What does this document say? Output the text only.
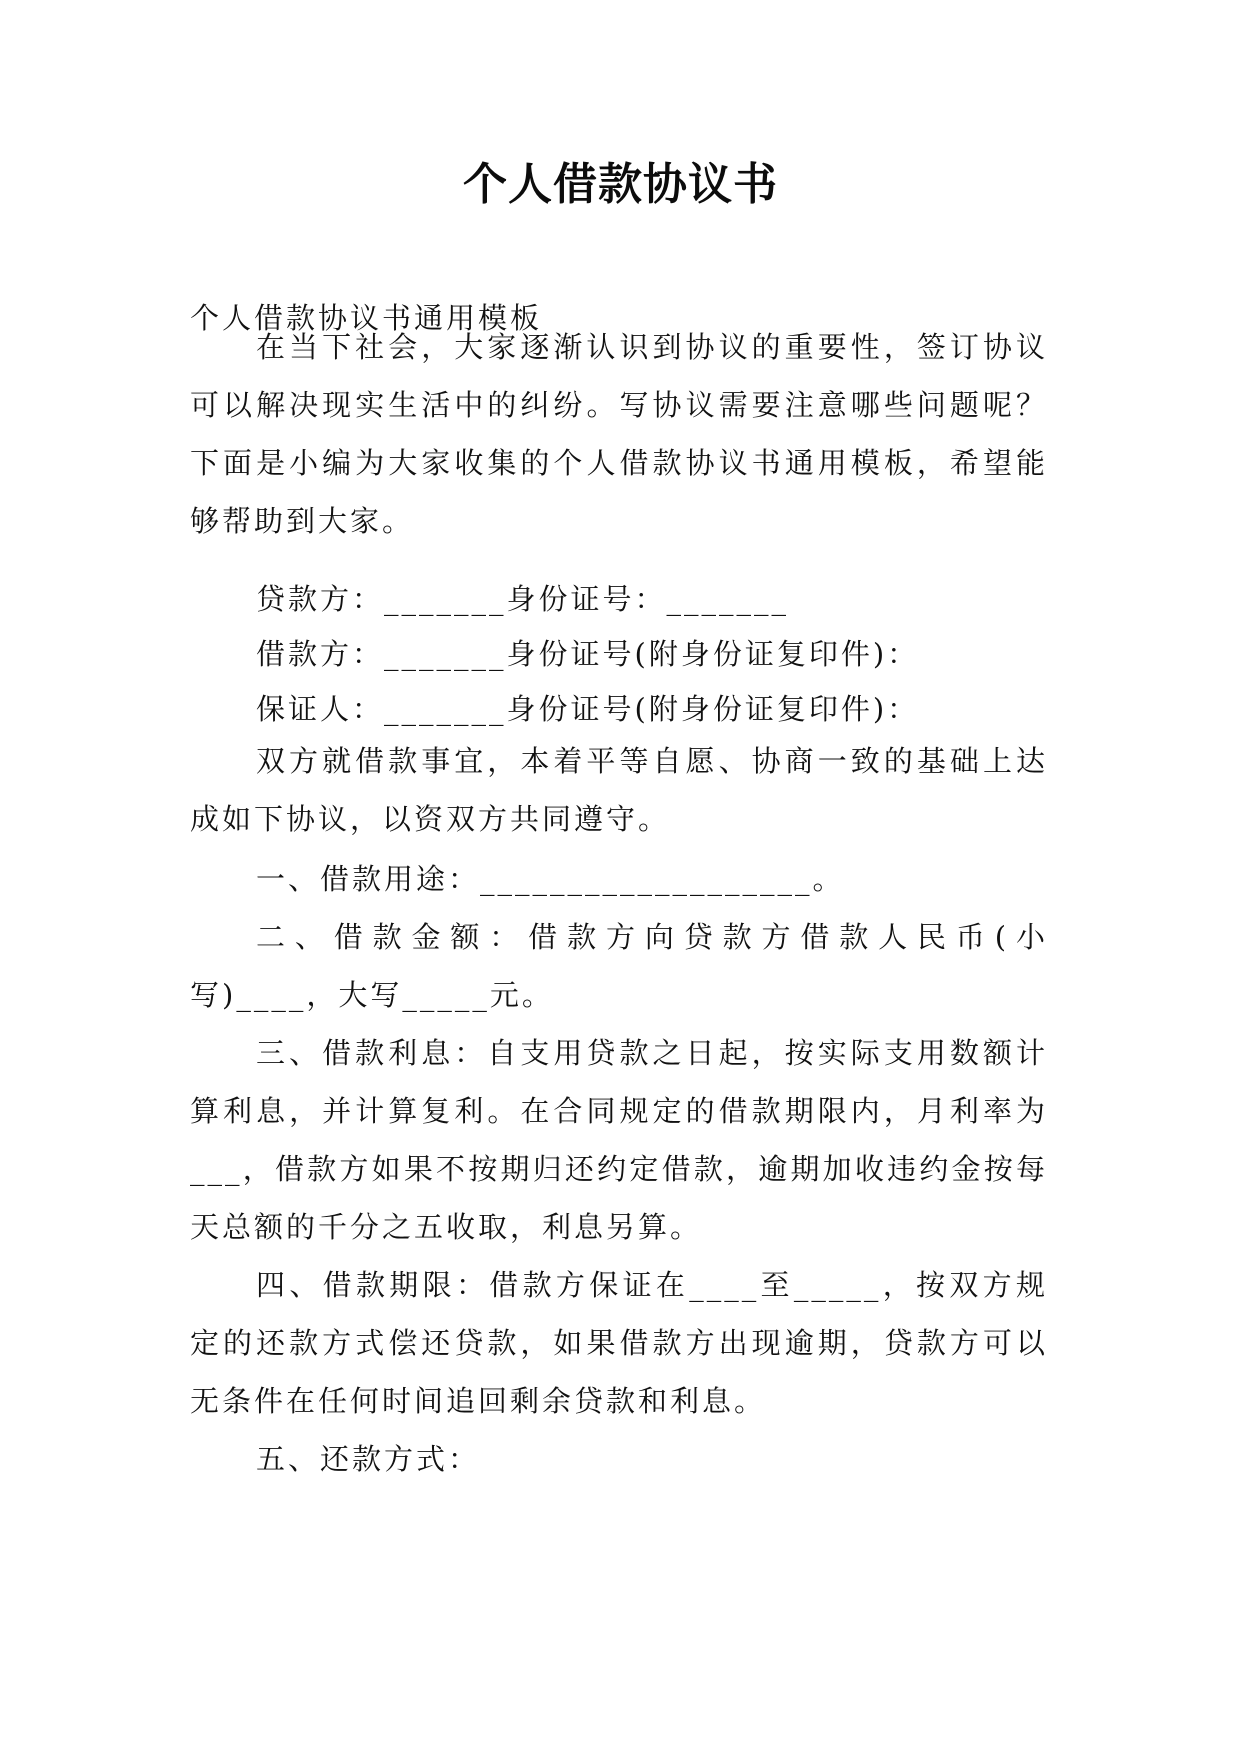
个人借款协议书
个人借款协议书通用模板
在当下社会，大家逐渐认识到协议的重要性，签订协议可以解决现实生活中的纠纷。写协议需要注意哪些问题呢？下面是小编为大家收集的个人借款协议书通用模板，希望能够帮助到大家。
贷款方：_______身份证号：_______
借款方：_______身份证号(附身份证复印件)：
保证人：_______身份证号(附身份证复印件)：
双方就借款事宜，本着平等自愿、协商一致的基础上达成如下协议，以资双方共同遵守。
一、借款用途：___________________。
二、借款金额：借款方向贷款方借款人民币(小写)____，大写_____元。
三、借款利息：自支用贷款之日起，按实际支用数额计算利息，并计算复利。在合同规定的借款期限内，月利率为___，借款方如果不按期归还约定借款，逾期加收违约金按每天总额的千分之五收取，利息另算。
四、借款期限：借款方保证在____至_____，按双方规定的还款方式偿还贷款，如果借款方出现逾期，贷款方可以无条件在任何时间追回剩余贷款和利息。
五、还款方式：
